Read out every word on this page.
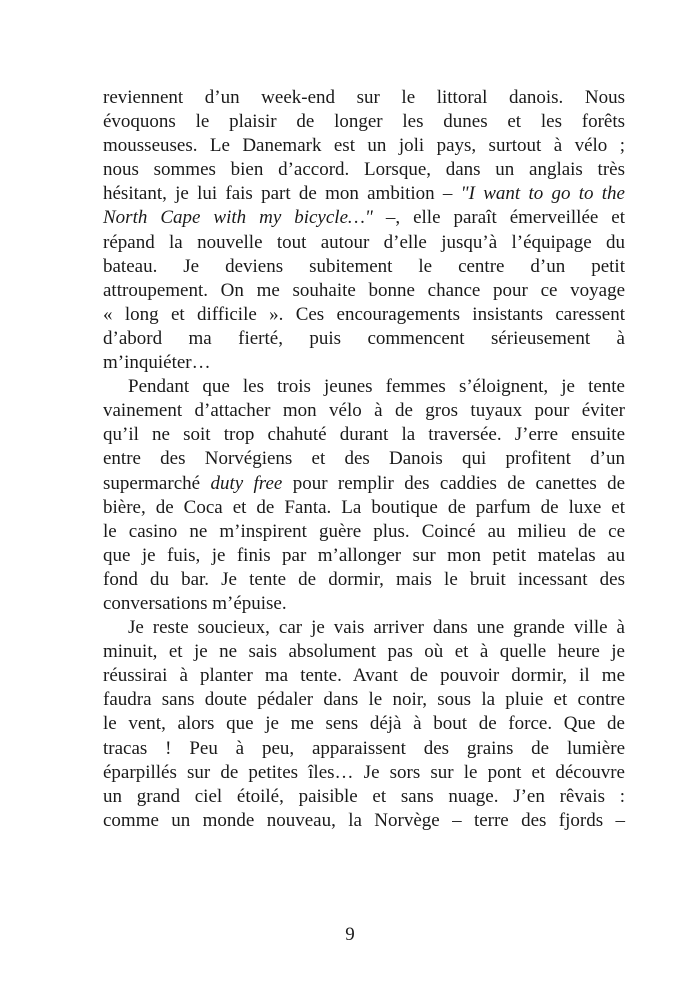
reviennent d’un week-end sur le littoral danois. Nous
évoquons le plaisir de longer les dunes et les forêts
mousseuses. Le Danemark est un joli pays, surtout à vélo ;
nous sommes bien d’accord. Lorsque, dans un anglais très
hésitant, je lui fais part de mon ambition – "I want to go to the
North Cape with my bicycle…" –, elle paraît émerveillée et
répand la nouvelle tout autour d’elle jusqu’à l’équipage du
bateau. Je deviens subitement le centre d’un petit
attroupement. On me souhaite bonne chance pour ce voyage
« long et difficile ». Ces encouragements insistants caressent
d’abord ma fierté, puis commencent sérieusement à
m’inquiéter…
Pendant que les trois jeunes femmes s’éloignent, je tente
vainement d’attacher mon vélo à de gros tuyaux pour éviter
qu’il ne soit trop chahuté durant la traversée. J’erre ensuite
entre des Norvégiens et des Danois qui profitent d’un
supermarché duty free pour remplir des caddies de canettes de
bière, de Coca et de Fanta. La boutique de parfum de luxe et
le casino ne m’inspirent guère plus. Coincé au milieu de ce
que je fuis, je finis par m’allonger sur mon petit matelas au
fond du bar. Je tente de dormir, mais le bruit incessant des
conversations m’épuise.
Je reste soucieux, car je vais arriver dans une grande ville à
minuit, et je ne sais absolument pas où et à quelle heure je
réussirai à planter ma tente. Avant de pouvoir dormir, il me
faudra sans doute pédaler dans le noir, sous la pluie et contre
le vent, alors que je me sens déjà à bout de force. Que de
tracas ! Peu à peu, apparaissent des grains de lumière
éparpillés sur de petites îles… Je sors sur le pont et découvre
un grand ciel étoilé, paisible et sans nuage. J’en rêvais :
comme un monde nouveau, la Norvège – terre des fjords –
9
